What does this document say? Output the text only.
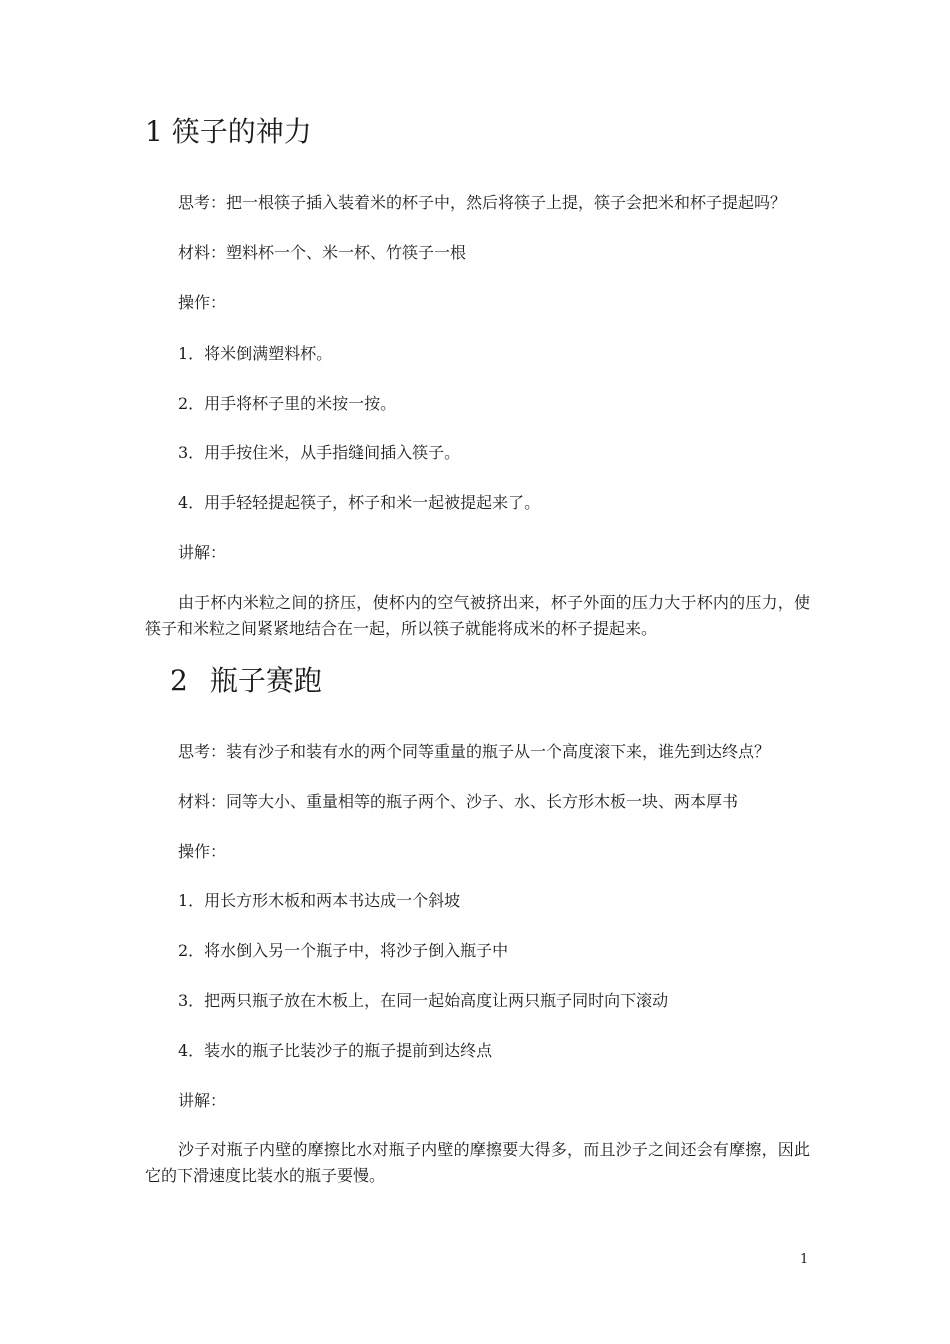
1 筷子的神力

思考：把一根筷子插入装着米的杯子中，然后将筷子上提，筷子会把米和杯子提起吗？

材料：塑料杯一个、米一杯、竹筷子一根

操作：

1．将米倒满塑料杯。

2．用手将杯子里的米按一按。

3．用手按住米，从手指缝间插入筷子。

4．用手轻轻提起筷子，杯子和米一起被提起来了。

讲解：

由于杯内米粒之间的挤压，使杯内的空气被挤出来，杯子外面的压力大于杯内的压力，使筷子和米粒之间紧紧地结合在一起，所以筷子就能将成米的杯子提起来。

2 瓶子赛跑

思考：装有沙子和装有水的两个同等重量的瓶子从一个高度滚下来，谁先到达终点？

材料：同等大小、重量相等的瓶子两个、沙子、水、长方形木板一块、两本厚书

操作：

1．用长方形木板和两本书达成一个斜坡

2．将水倒入另一个瓶子中，将沙子倒入瓶子中

3．把两只瓶子放在木板上，在同一起始高度让两只瓶子同时向下滚动

4．装水的瓶子比装沙子的瓶子提前到达终点

讲解：

沙子对瓶子内壁的摩擦比水对瓶子内壁的摩擦要大得多，而且沙子之间还会有摩擦，因此它的下滑速度比装水的瓶子要慢。

1
